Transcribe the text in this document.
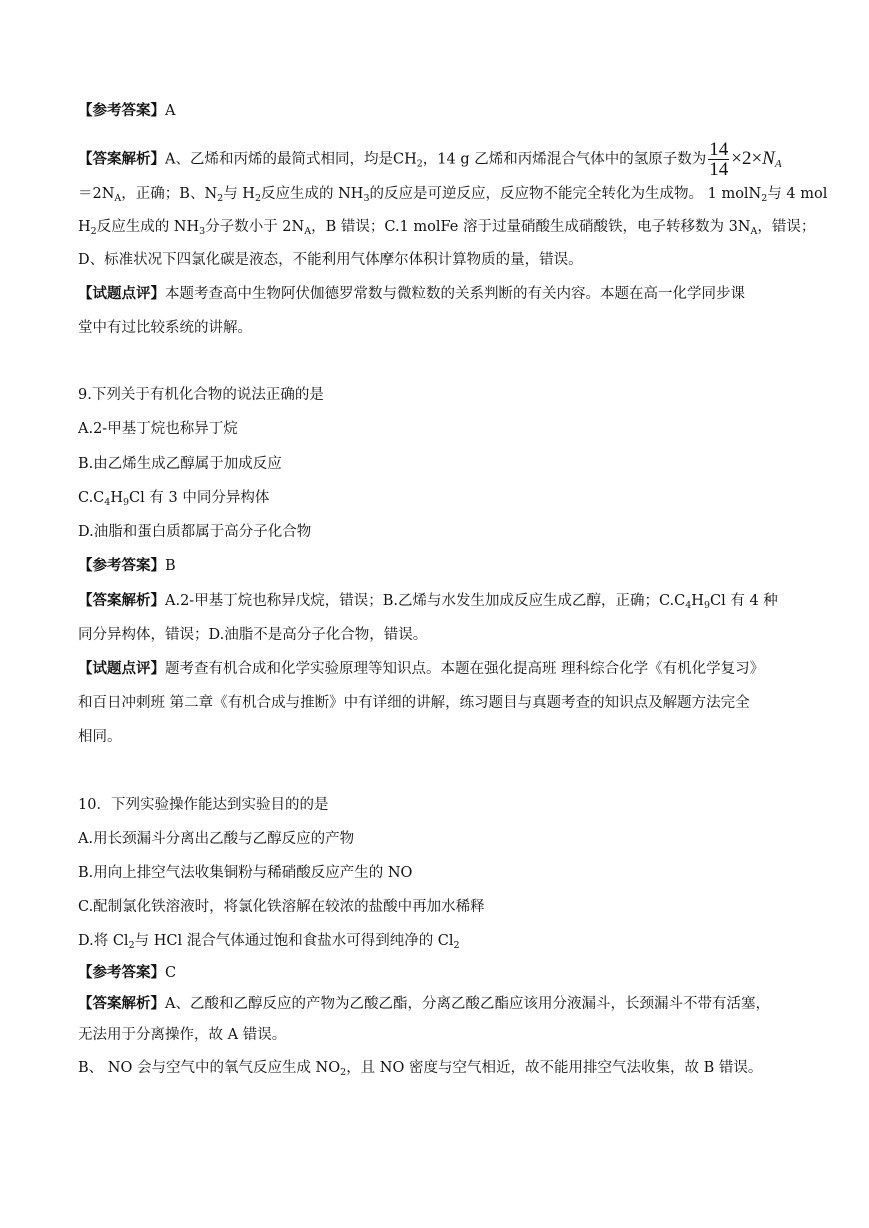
【参考答案】A
【答案解析】A、乙烯和丙烯的最简式相同，均是$CH_2$，14 g 乙烯和丙烯混合气体中的氢原子数为 $\frac{14}{14} \times 2\times N_A$
$=2N_A$，正确；B、$N_2$与 $H_2$反应生成的 $NH_3$的反应是可逆反应，反应物不能完全转化为生成物。 1 molN$_2$与 4 mol
$H_2$反应生成的 $NH_3$分子数小于 $2N_A$，B 错误；C.1 molFe 溶于过量硝酸生成硝酸铁，电子转移数为 $3N_A$，错误；
D、标准状况下四氯化碳是液态，不能利用气体摩尔体积计算物质的量，错误。
【试题点评】本题考查高中生物阿伏伽德罗常数与微粒数的关系判断的有关内容。本题在高一化学同步课
堂中有过比较系统的讲解。
9.下列关于有机化合物的说法正确的是
A.2-甲基丁烷也称异丁烷
B.由乙烯生成乙醇属于加成反应
$C.C_4H_9Cl$ 有 3 中同分异构体
D.油脂和蛋白质都属于高分子化合物
【参考答案】B
【答案解析】A.2-甲基丁烷也称异戊烷，错误；B.乙烯与水发生加成反应生成乙醇，正确；$C.C_4H_9Cl$ 有 4 种
同分异构体，错误；D.油脂不是高分子化合物，错误。
【试题点评】题考查有机合成和化学实验原理等知识点。本题在强化提高班 理科综合化学《有机化学复习》
和百日冲刺班 第二章《有机合成与推断》中有详细的讲解，练习题目与真题考查的知识点及解题方法完全
相同。
10．下列实验操作能达到实验目的的是
A.用长颈漏斗分离出乙酸与乙醇反应的产物
B.用向上排空气法收集铜粉与稀硝酸反应产生的 NO
C.配制氯化铁溶液时，将氯化铁溶解在较浓的盐酸中再加水稀释
D.将 $Cl_2$与 HCl 混合气体通过饱和食盐水可得到纯净的 $Cl_2$
【参考答案】C
【答案解析】A、乙酸和乙醇反应的产物为乙酸乙酯，分离乙酸乙酯应该用分液漏斗，长颈漏斗不带有活塞，
无法用于分离操作，故 A 错误。
B、 NO 会与空气中的氧气反应生成 $NO_2$，且 NO 密度与空气相近，故不能用排空气法收集，故 B 错误。
